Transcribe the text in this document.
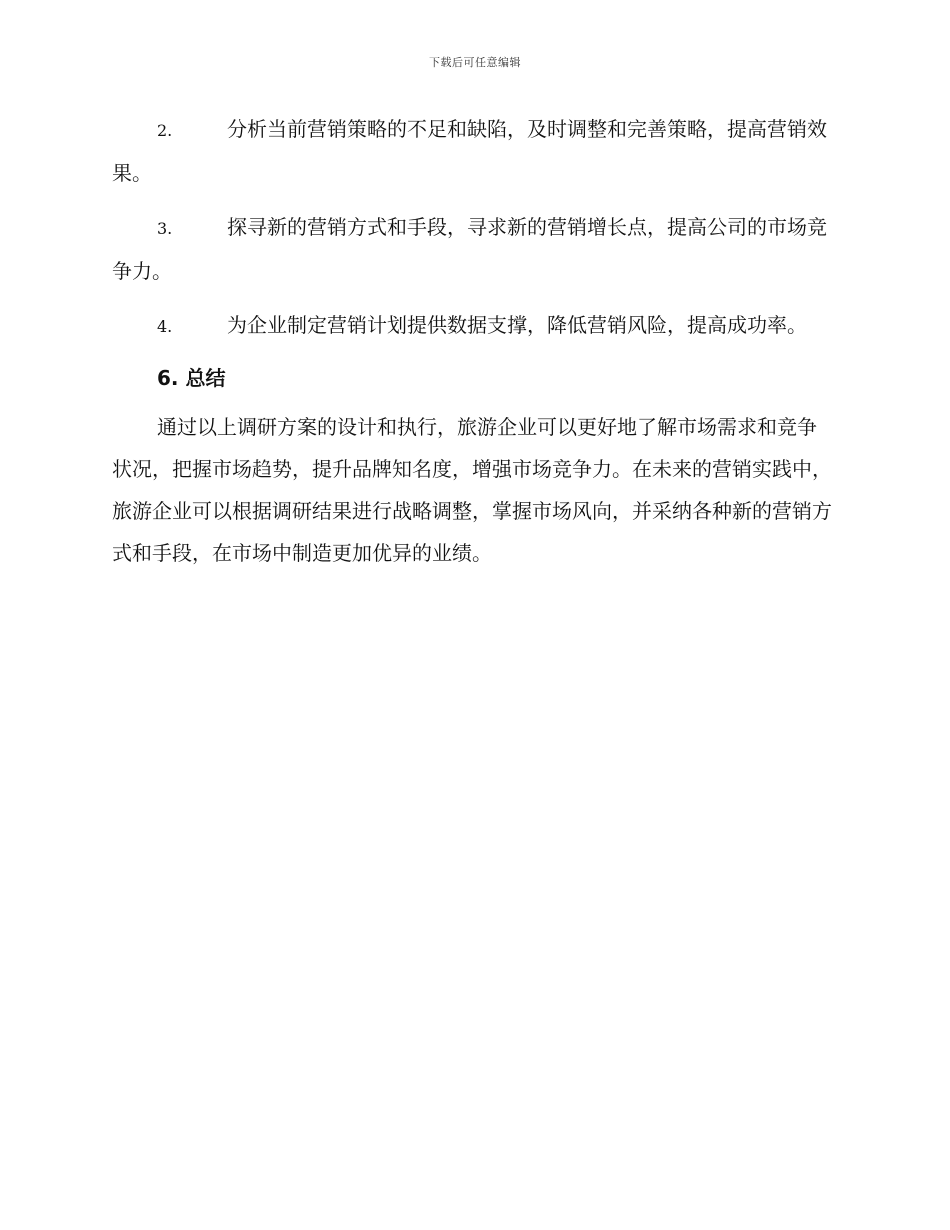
下载后可任意编辑

2.	分析当前营销策略的不足和缺陷，及时调整和完善策略，提高营销效果。

3.	探寻新的营销方式和手段，寻求新的营销增长点，提高公司的市场竞争力。

4.	为企业制定营销计划提供数据支撑，降低营销风险，提高成功率。

6. 总结

通过以上调研方案的设计和执行，旅游企业可以更好地了解市场需求和竞争状况，把握市场趋势，提升品牌知名度，增强市场竞争力。在未来的营销实践中，旅游企业可以根据调研结果进行战略调整，掌握市场风向，并采纳各种新的营销方式和手段，在市场中制造更加优异的业绩。
